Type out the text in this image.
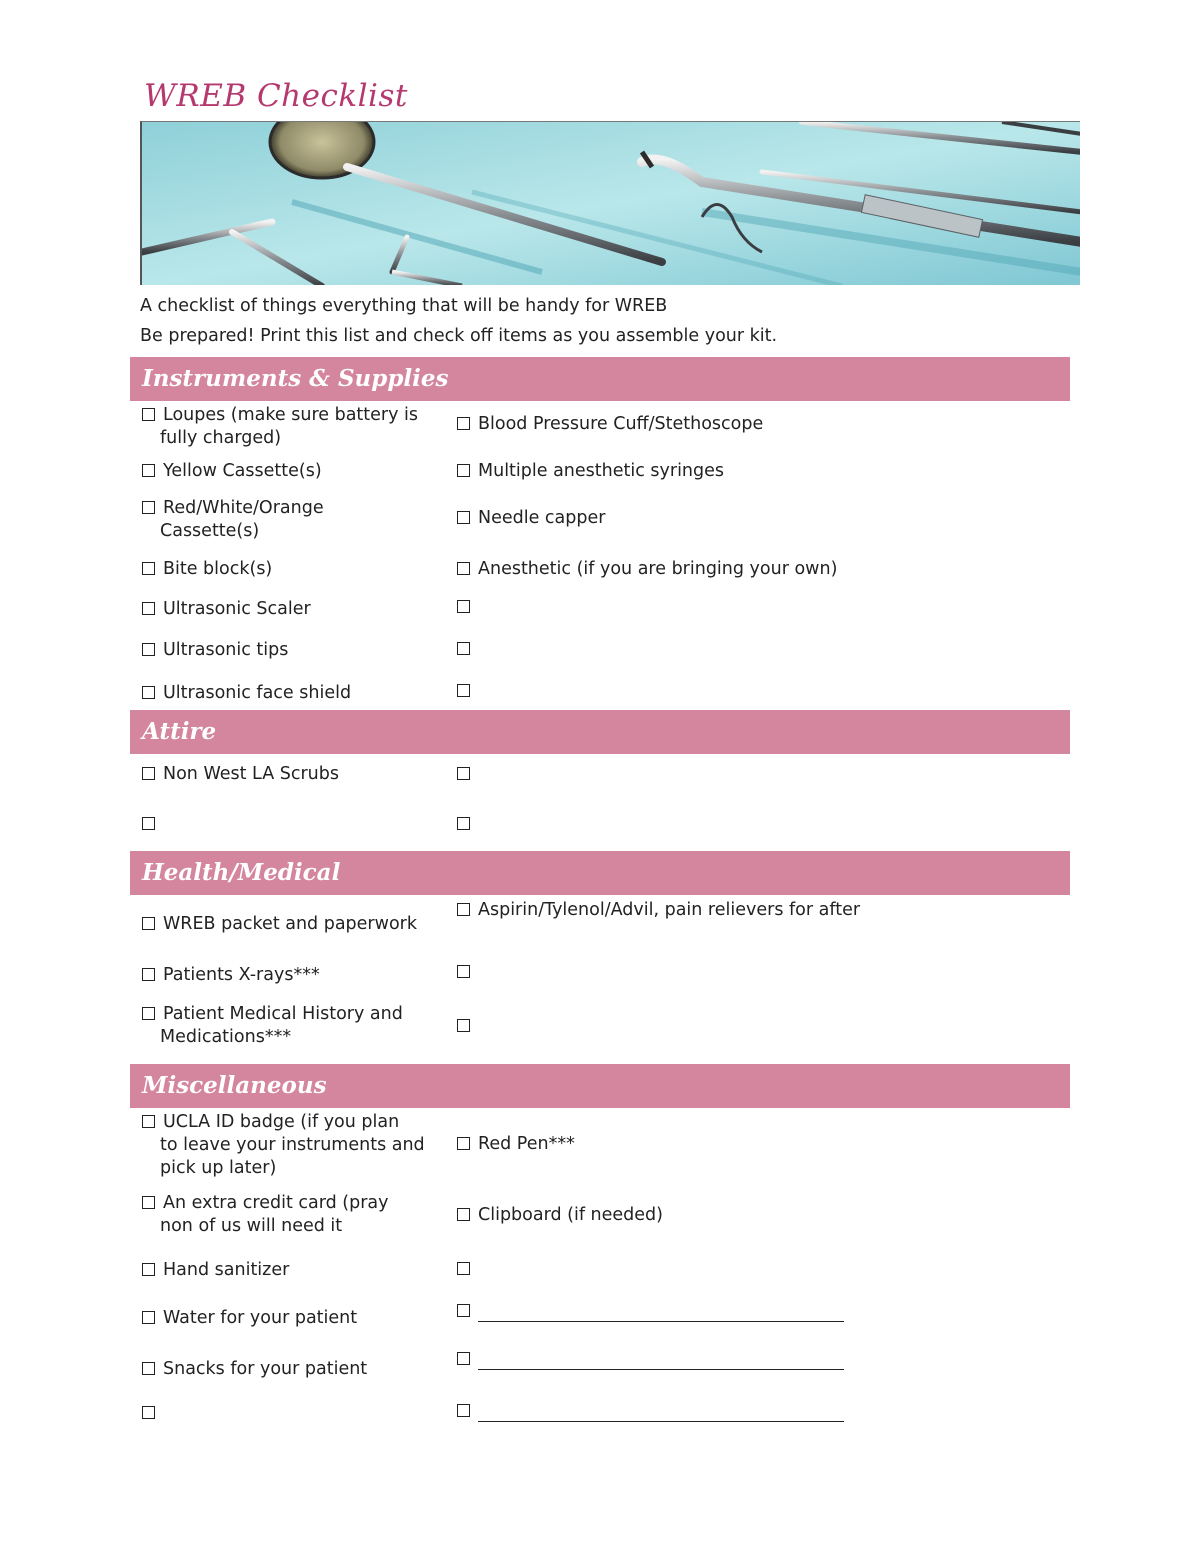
WREB Checklist
A checklist of things everything that will be handy for WREB
Be prepared! Print this list and check off items as you assemble your kit.
Instruments & Supplies
Loupes (make sure battery is
fully charged)
Blood Pressure Cuff/Stethoscope
Yellow Cassette(s)	Multiple anesthetic syringes
Red/White/Orange
Cassette(s)
Needle capper
Bite block(s)	Anesthetic (if you are bringing your own)
Ultrasonic Scaler
Ultrasonic tips
Ultrasonic face shield
Attire
Non West LA Scrubs
Health/Medical
WREB packet and paperwork
Aspirin/Tylenol/Advil, pain relievers for after
Patients X-rays***
Patient Medical History and
Medications***
Miscellaneous
UCLA ID badge (if you plan
to leave your instruments and
pick up later)
Red Pen***
An extra credit card (pray
non of us will need it
Clipboard (if needed)
Hand sanitizer
Water for your patient
Snacks for your patient
